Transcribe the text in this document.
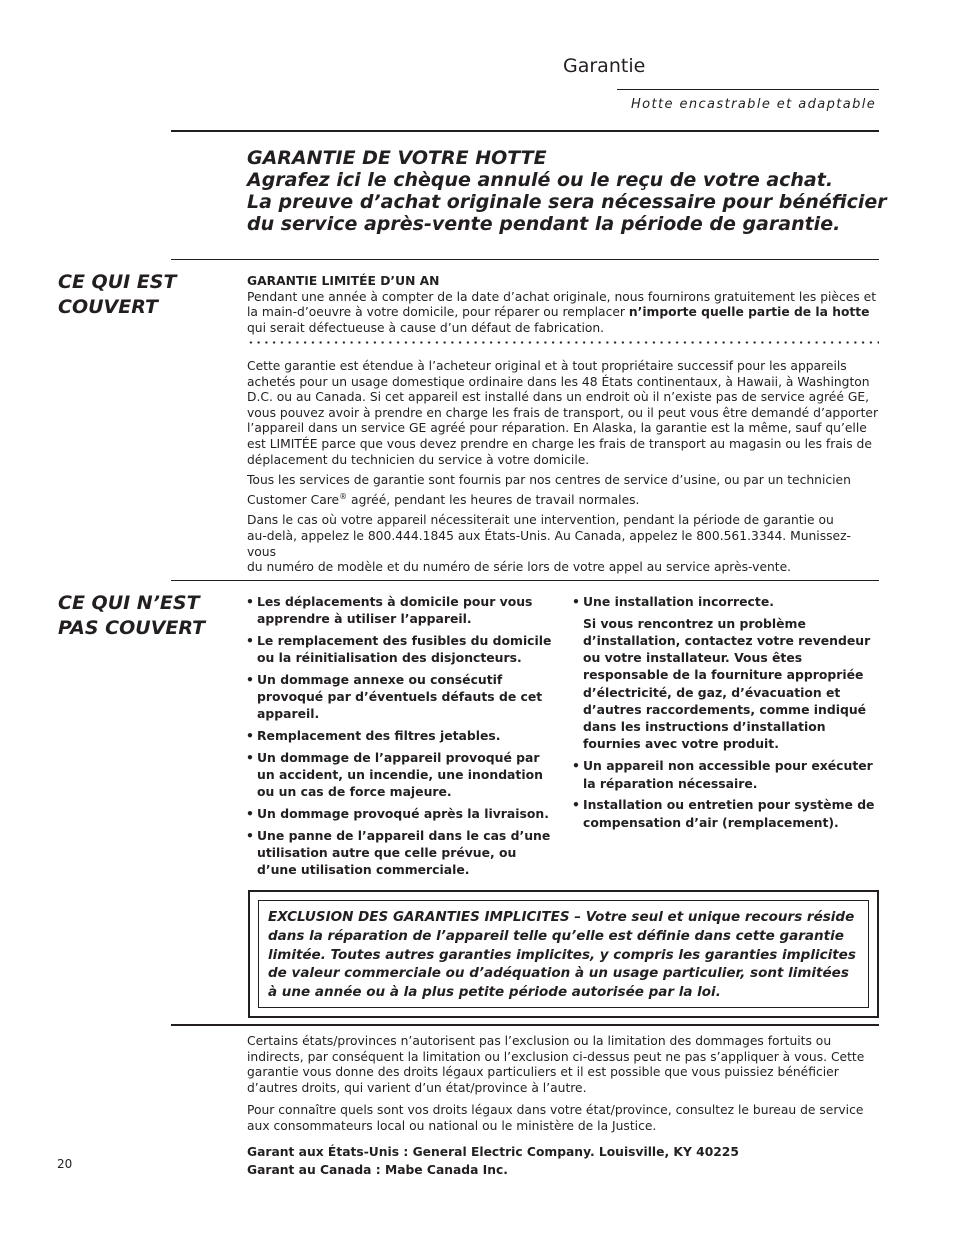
Garantie
Hotte encastrable et adaptable
GARANTIE DE VOTRE HOTTE
Agrafez ici le chèque annulé ou le reçu de votre achat.
La preuve d’achat originale sera nécessaire pour bénéficier
du service après-vente pendant la période de garantie.
CE QUI EST
COUVERT
GARANTIE LIMITÉE D’UN AN
Pendant une année à compter de la date d’achat originale, nous fournirons gratuitement les pièces et la main-d’oeuvre à votre domicile, pour réparer ou remplacer n’importe quelle partie de la hotte qui serait défectueuse à cause d’un défaut de fabrication.

Cette garantie est étendue à l’acheteur original et à tout propriétaire successif pour les appareils achetés pour un usage domestique ordinaire dans les 48 États continentaux, à Hawaii, à Washington D.C. ou au Canada. Si cet appareil est installé dans un endroit où il n’existe pas de service agréé GE, vous pouvez avoir à prendre en charge les frais de transport, ou il peut vous être demandé d’apporter l’appareil dans un service GE agréé pour réparation. En Alaska, la garantie est la même, sauf qu’elle est LIMITÉE parce que vous devez prendre en charge les frais de transport au magasin ou les frais de déplacement du technicien du service à votre domicile.

Tous les services de garantie sont fournis par nos centres de service d’usine, ou par un technicien Customer Care® agréé, pendant les heures de travail normales.

Dans le cas où votre appareil nécessiterait une intervention, pendant la période de garantie ou
au-delà, appelez le 800.444.1845 aux États-Unis. Au Canada, appelez le 800.561.3344. Munissez-
vous
du numéro de modèle et du numéro de série lors de votre appel au service après-vente.

CE QUI N’EST
PAS COUVERT
• Les déplacements à domicile pour vous apprendre à utiliser l’appareil.
• Le remplacement des fusibles du domicile ou la réinitialisation des disjoncteurs.
• Un dommage annexe ou consécutif provoqué par d’éventuels défauts de cet appareil.
• Remplacement des filtres jetables.
• Un dommage de l’appareil provoqué par un accident, un incendie, une inondation ou un cas de force majeure.
• Un dommage provoqué après la livraison.
• Une panne de l’appareil dans le cas d’une utilisation autre que celle prévue, ou d’une utilisation commerciale.
• Une installation incorrecte.
Si vous rencontrez un problème d’installation, contactez votre revendeur ou votre installateur. Vous êtes responsable de la fourniture appropriée d’électricité, de gaz, d’évacuation et d’autres raccordements, comme indiqué dans les instructions d’installation fournies avec votre produit.
• Un appareil non accessible pour exécuter la réparation nécessaire.
• Installation ou entretien pour système de compensation d’air (remplacement).
EXCLUSION DES GARANTIES IMPLICITES – Votre seul et unique recours réside dans la réparation de l’appareil telle qu’elle est définie dans cette garantie limitée. Toutes autres garanties implicites, y compris les garanties implicites de valeur commerciale ou d’adéquation à un usage particulier, sont limitées à une année ou à la plus petite période autorisée par la loi.

Certains états/provinces n’autorisent pas l’exclusion ou la limitation des dommages fortuits ou indirects, par conséquent la limitation ou l’exclusion ci-dessus peut ne pas s’appliquer à vous. Cette garantie vous donne des droits légaux particuliers et il est possible que vous puissiez bénéficier d’autres droits, qui varient d’un état/province à l’autre.

Pour connaître quels sont vos droits légaux dans votre état/province, consultez le bureau de service aux consommateurs local ou national ou le ministère de la Justice.

Garant aux États-Unis : General Electric Company. Louisville, KY 40225
Garant au Canada : Mabe Canada Inc.
20
